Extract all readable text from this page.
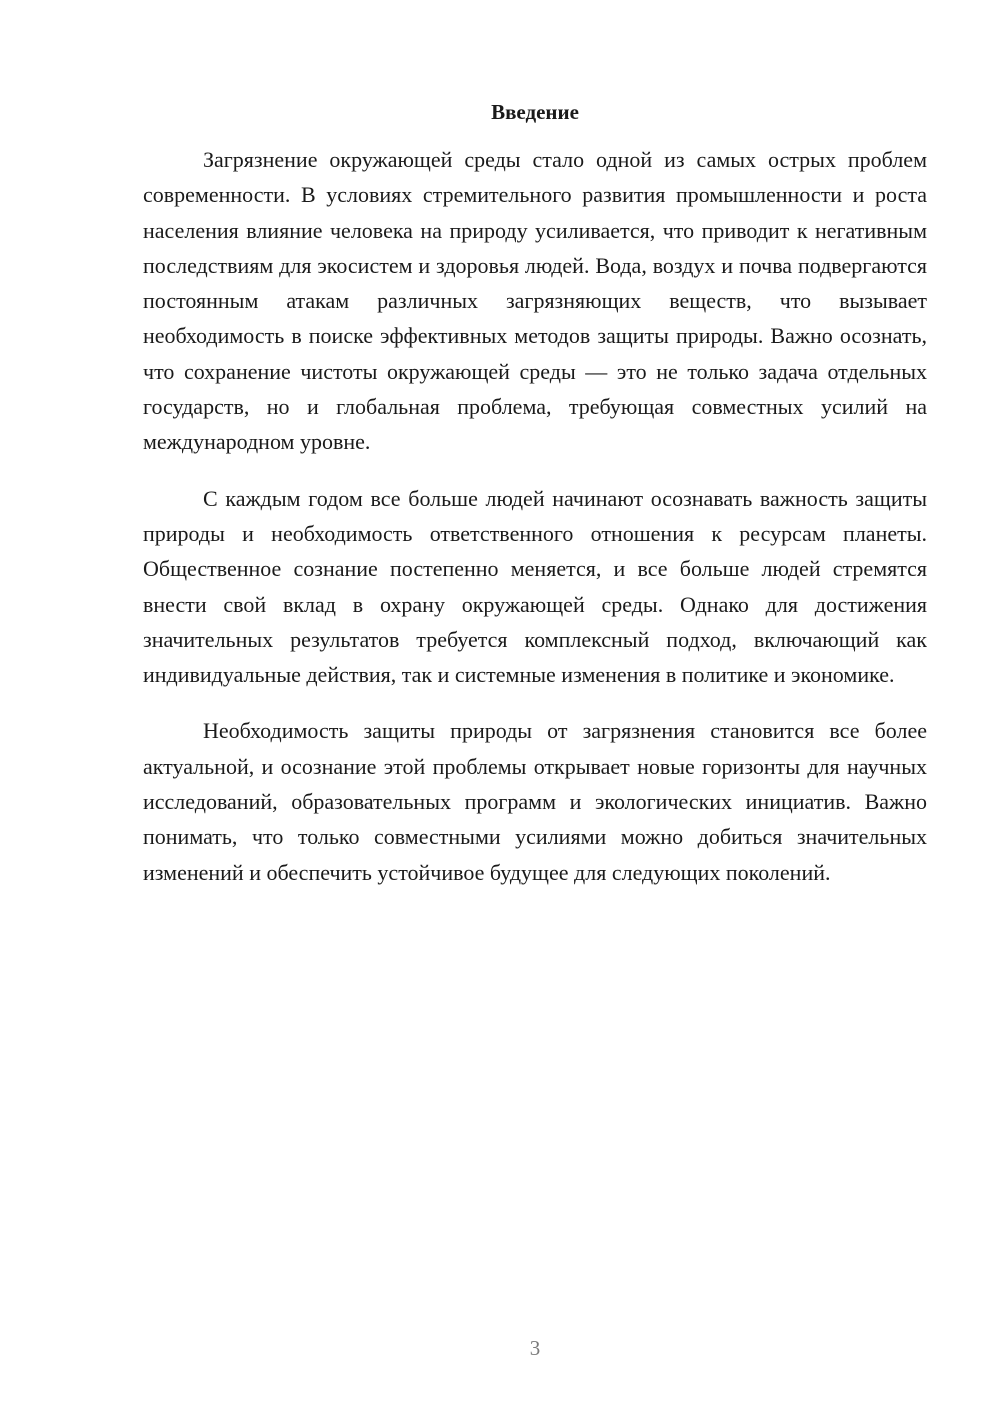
Введение

Загрязнение окружающей среды стало одной из самых острых проблем современности. В условиях стремительного развития промышленности и роста населения влияние человека на природу усиливается, что приводит к негативным последствиям для экосистем и здоровья людей. Вода, воздух и почва подвергаются постоянным атакам различных загрязняющих веществ, что вызывает необходимость в поиске эффективных методов защиты природы. Важно осознать, что сохранение чистоты окружающей среды — это не только задача отдельных государств, но и глобальная проблема, требующая совместных усилий на международном уровне.

С каждым годом все больше людей начинают осознавать важность защиты природы и необходимость ответственного отношения к ресурсам планеты. Общественное сознание постепенно меняется, и все больше людей стремятся внести свой вклад в охрану окружающей среды. Однако для достижения значительных результатов требуется комплексный подход, включающий как индивидуальные действия, так и системные изменения в политике и экономике.

Необходимость защиты природы от загрязнения становится все более актуальной, и осознание этой проблемы открывает новые горизонты для научных исследований, образовательных программ и экологических инициатив. Важно понимать, что только совместными усилиями можно добиться значительных изменений и обеспечить устойчивое будущее для следующих поколений.

3
